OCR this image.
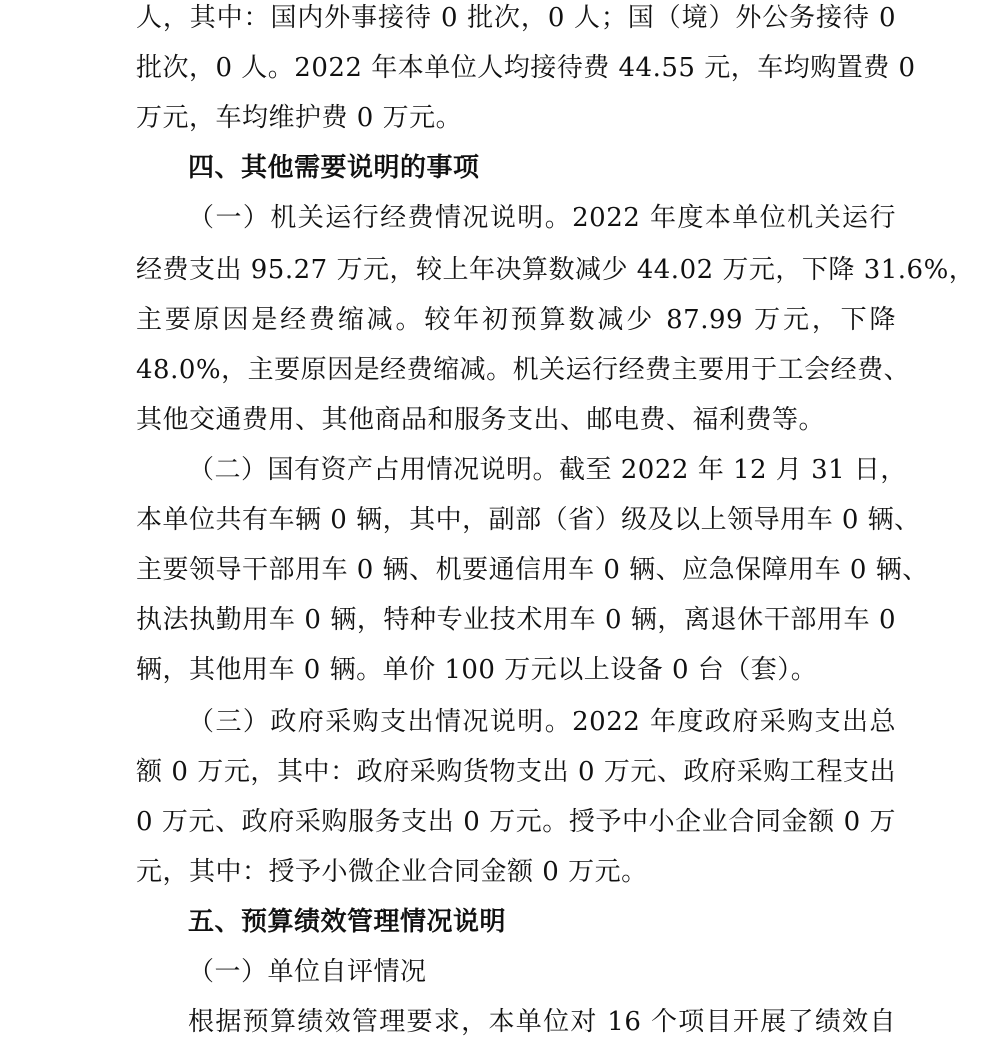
人，其中：国内外事接待 0 批次，0 人；国（境）外公务接待 0
批次，0 人。2022 年本单位人均接待费 44.55 元，车均购置费 0
万元，车均维护费 0 万元。
四、其他需要说明的事项
（一）机关运行经费情况说明。2022 年度本单位机关运行
经费支出 95.27 万元，较上年决算数减少 44.02 万元，下降 31.6%，
主要原因是经费缩减。较年初预算数减少 87.99 万元，下降
48.0%，主要原因是经费缩减。机关运行经费主要用于工会经费、
其他交通费用、其他商品和服务支出、邮电费、福利费等。
（二）国有资产占用情况说明。截至 2022 年 12 月 31 日，
本单位共有车辆 0 辆，其中，副部（省）级及以上领导用车 0 辆、
主要领导干部用车 0 辆、机要通信用车 0 辆、应急保障用车 0 辆、
执法执勤用车 0 辆，特种专业技术用车 0 辆，离退休干部用车 0
辆，其他用车 0 辆。单价 100 万元以上设备 0 台（套）。
（三）政府采购支出情况说明。2022 年度政府采购支出总
额 0 万元，其中：政府采购货物支出 0 万元、政府采购工程支出
0 万元、政府采购服务支出 0 万元。授予中小企业合同金额 0 万
元，其中：授予小微企业合同金额 0 万元。
五、预算绩效管理情况说明
（一）单位自评情况
根据预算绩效管理要求，本单位对 16 个项目开展了绩效自
